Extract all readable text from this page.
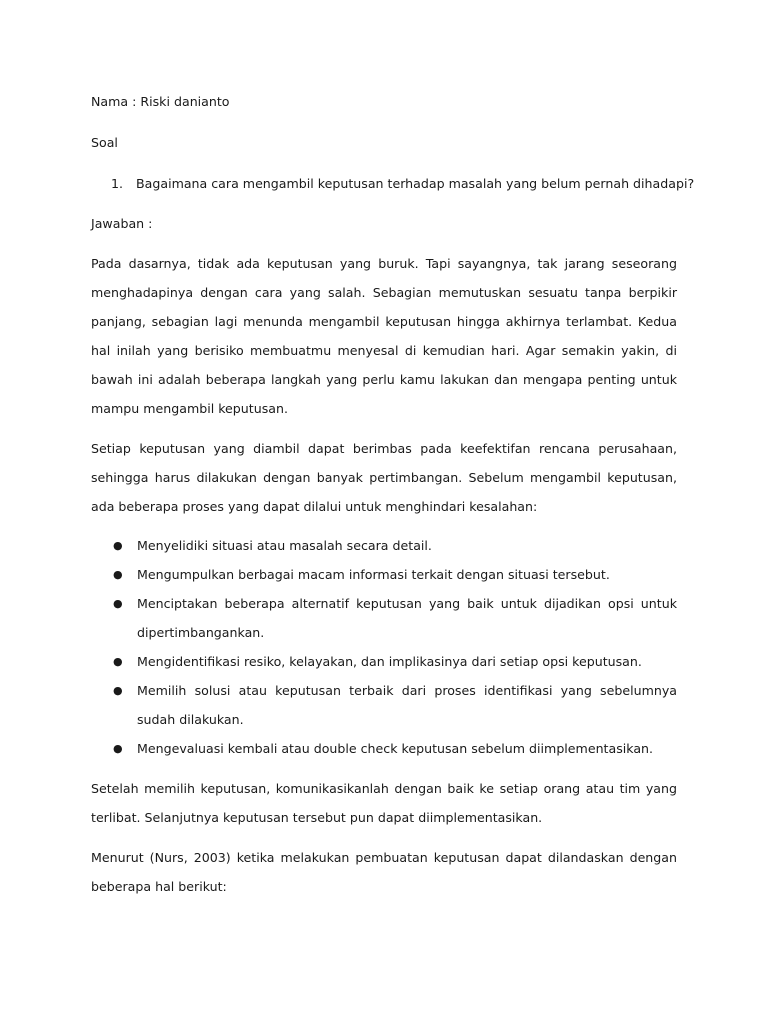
Nama : Riski danianto

Soal

1.	Bagaimana cara mengambil keputusan terhadap masalah yang belum pernah dihadapi?

Jawaban :

Pada dasarnya, tidak ada keputusan yang buruk. Tapi sayangnya, tak jarang seseorang menghadapinya dengan cara yang salah. Sebagian memutuskan sesuatu tanpa berpikir panjang, sebagian lagi menunda mengambil keputusan hingga akhirnya terlambat. Kedua hal inilah yang berisiko membuatmu menyesal di kemudian hari. Agar semakin yakin, di bawah ini adalah beberapa langkah yang perlu kamu lakukan dan mengapa penting untuk mampu mengambil keputusan.

Setiap keputusan yang diambil dapat berimbas pada keefektifan rencana perusahaan, sehingga harus dilakukan dengan banyak pertimbangan. Sebelum mengambil keputusan, ada beberapa proses yang dapat dilalui untuk menghindari kesalahan:

●	Menyelidiki situasi atau masalah secara detail.
●	Mengumpulkan berbagai macam informasi terkait dengan situasi tersebut.
●	Menciptakan beberapa alternatif keputusan yang baik untuk dijadikan opsi untuk dipertimbangankan.
●	Mengidentifikasi resiko, kelayakan, dan implikasinya dari setiap opsi keputusan.
●	Memilih solusi atau keputusan terbaik dari proses identifikasi yang sebelumnya sudah dilakukan.
●	Mengevaluasi kembali atau double check keputusan sebelum diimplementasikan.

Setelah memilih keputusan, komunikasikanlah dengan baik ke setiap orang atau tim yang terlibat. Selanjutnya keputusan tersebut pun dapat diimplementasikan.

Menurut (Nurs, 2003) ketika melakukan pembuatan keputusan dapat dilandaskan dengan beberapa hal berikut:
